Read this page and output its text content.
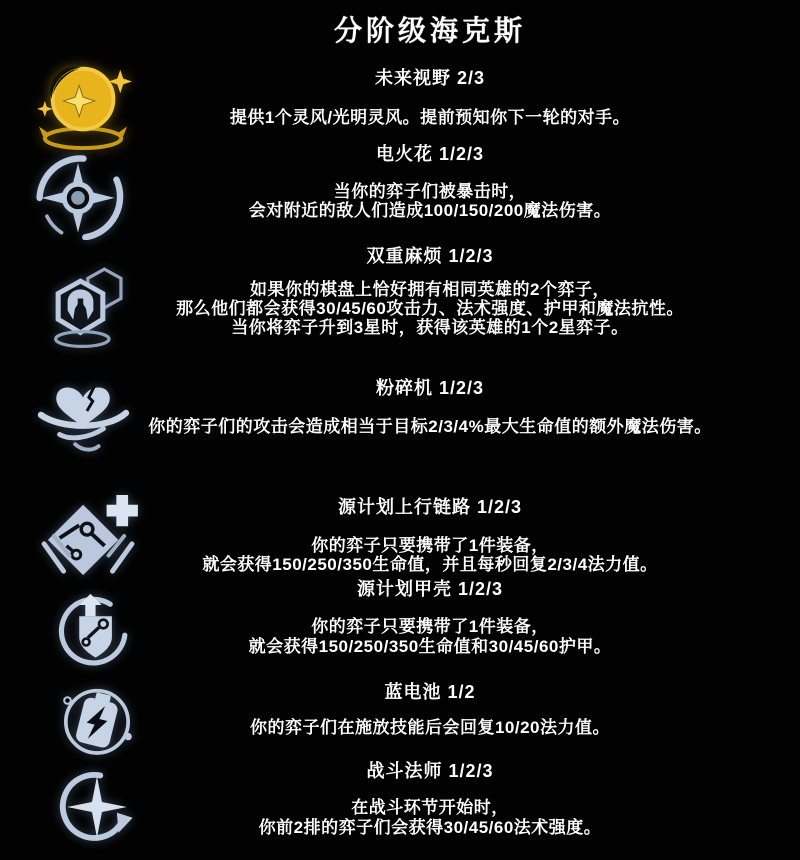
分阶级海克斯
未来视野 2/3
提供1个灵风/光明灵风。提前预知你下一轮的对手。
电火花 1/2/3
当你的弈子们被暴击时，
会对附近的敌人们造成100/150/200魔法伤害。
双重麻烦 1/2/3
如果你的棋盘上恰好拥有相同英雄的2个弈子，
那么他们都会获得30/45/60攻击力、法术强度、护甲和魔法抗性。
当你将弈子升到3星时，获得该英雄的1个2星弈子。
粉碎机 1/2/3
你的弈子们的攻击会造成相当于目标2/3/4%最大生命值的额外魔法伤害。
源计划上行链路 1/2/3
你的弈子只要携带了1件装备，
就会获得150/250/350生命值，并且每秒回复2/3/4法力值。
源计划甲壳 1/2/3
你的弈子只要携带了1件装备，
就会获得150/250/350生命值和30/45/60护甲。
蓝电池 1/2
你的弈子们在施放技能后会回复10/20法力值。
战斗法师 1/2/3
在战斗环节开始时，
你前2排的弈子们会获得30/45/60法术强度。
